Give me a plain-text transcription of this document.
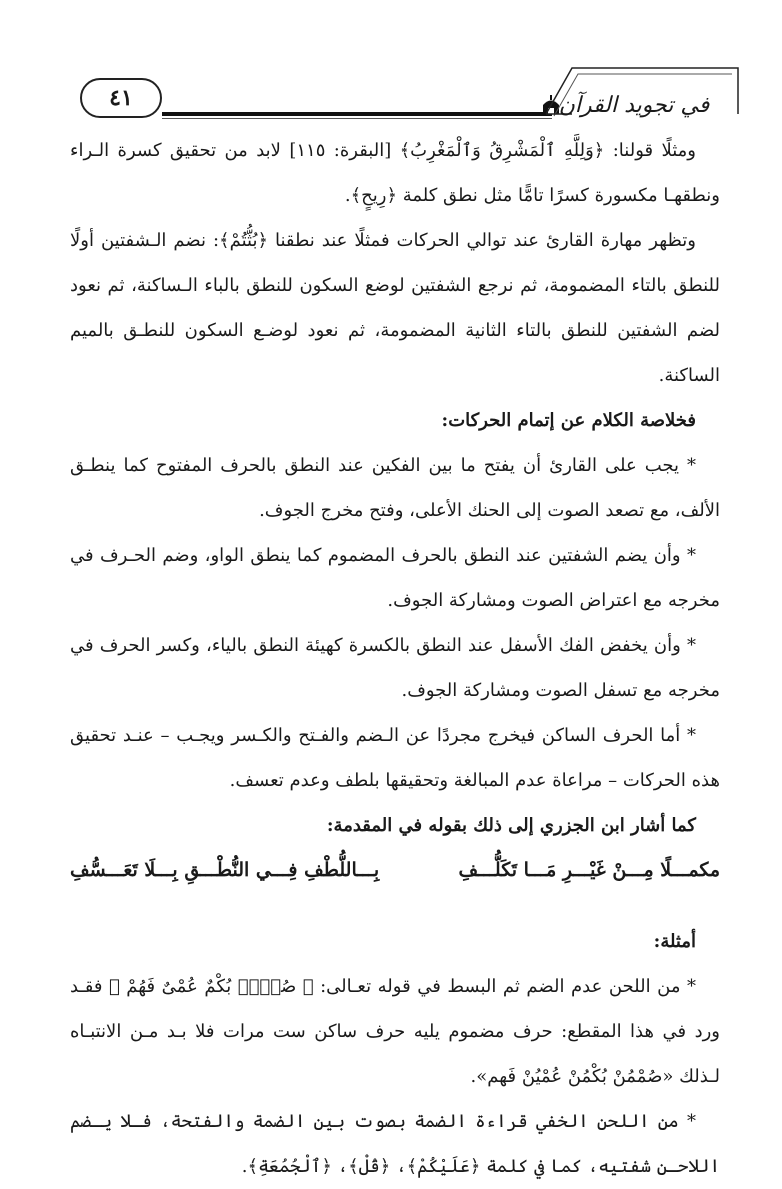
٤١	في تجويد القرآن

ومثلًا قولنا: ﴿وَلِلَّهِ ٱلْمَشْرِقُ وَٱلْمَغْرِبُ﴾ [البقرة: ١١٥] لابد من تحقيق كسرة الـراء ونطقهـا مكسورة كسرًا تامًّا مثل نطق كلمة ﴿رِيحٍ﴾.

وتظهر مهارة القارئ عند توالي الحركات فمثلًا عند نطقنا ﴿بُثُّتُمْ﴾: نضم الـشفتين أولًا للنطق بالتاء المضمومة، ثم نرجع الشفتين لوضع السكون للنطق بالباء الـساكنة، ثم نعود لضم الشفتين للنطق بالتاء الثانية المضمومة، ثم نعود لوضـع السكون للنطـق بالميم الساكنة.

فخلاصة الكلام عن إتمام الحركات:

* يجب على القارئ أن يفتح ما بين الفكين عند النطق بالحرف المفتوح كما ينطـق الألف، مع تصعد الصوت إلى الحنك الأعلى، وفتح مخرج الجوف.

* وأن يضم الشفتين عند النطق بالحرف المضموم كما ينطق الواو، وضم الحـرف في مخرجه مع اعتراض الصوت ومشاركة الجوف.

* وأن يخفض الفك الأسفل عند النطق بالكسرة كهيئة النطق بالياء، وكسر الحرف في مخرجه مع تسفل الصوت ومشاركة الجوف.

* أما الحرف الساكن فيخرج مجردًا عن الـضم والفـتح والكـسر ويجـب – عنـد تحقيق هذه الحركات – مراعاة عدم المبالغة وتحقيقها بلطف وعدم تعسف.

كما أشار ابن الجزري إلى ذلك بقوله في المقدمة:

مكمـــلًا مِـــنْ غَيْـــرِ مَـــا تَكَلُّـــفِ
بِـــاللُّطْفِ فِـــي النُّطْـــقِ بِـــلَا تَعَـــسُّفِ

أمثلة:

* من اللحن عدم الضم ثم البسط في قوله تعـالى: ﴿ صُمٌّۢ بُكْمٌ عُمْىٌ فَهُمْ ﴾ فقـد ورد في هذا المقطع: حرف مضموم يليه حرف ساكن ست مرات فلا بـد مـن الانتبـاه لـذلك «صُمْمُنْ بُكْمُنْ عُمْيُنْ فَهم».

* من اللحن الخفي قراءة الضمة بصوت بين الضمة والفتحة، فـلا يـضم اللاحـن شفتيه، كما في كلمة ﴿عَلَيْكُمْ﴾، ﴿قُلْ﴾، ﴿ٱلْجُمُعَةِ﴾.
